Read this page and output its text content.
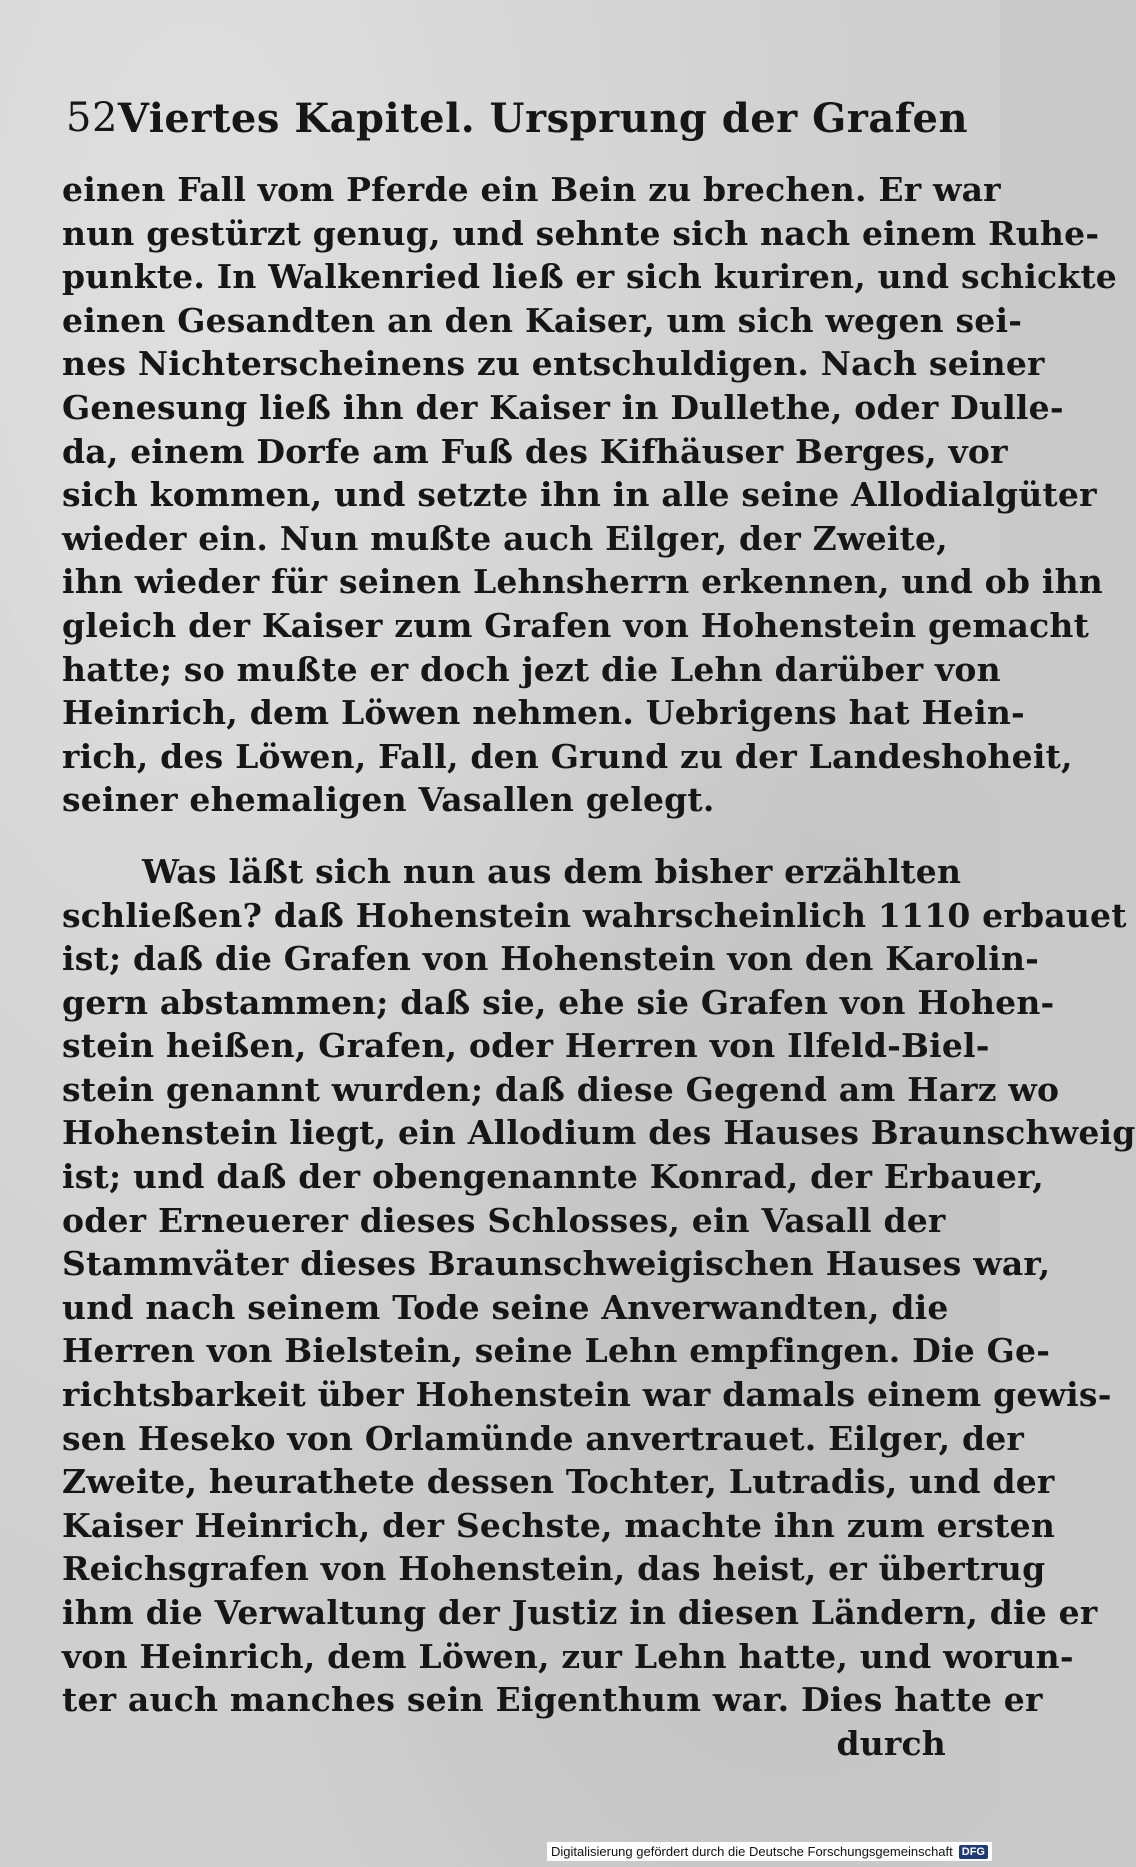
52 Viertes Kapitel. Ursprung der Grafen
einen Fall vom Pferde ein Bein zu brechen. Er war
nun gestürzt genug, und sehnte sich nach einem Ruhe-
punkte. In Walkenried ließ er sich kuriren, und schickte
einen Gesandten an den Kaiser, um sich wegen sei-
nes Nichterscheinens zu entschuldigen. Nach seiner
Genesung ließ ihn der Kaiser in Dullethe, oder Dulle-
da, einem Dorfe am Fuß des Kifhäuser Berges, vor
sich kommen, und setzte ihn in alle seine Allodialgüter
wieder ein. Nun mußte auch Eilger, der Zweite,
ihn wieder für seinen Lehnsherrn erkennen, und ob ihn
gleich der Kaiser zum Grafen von Hohenstein gemacht
hatte; so mußte er doch jezt die Lehn darüber von
Heinrich, dem Löwen nehmen. Uebrigens hat Hein-
rich, des Löwen, Fall, den Grund zu der Landeshoheit,
seiner ehemaligen Vasallen gelegt.
Was läßt sich nun aus dem bisher erzählten
schließen? daß Hohenstein wahrscheinlich 1110 erbauet
ist; daß die Grafen von Hohenstein von den Karolin-
gern abstammen; daß sie, ehe sie Grafen von Hohen-
stein heißen, Grafen, oder Herren von Ilfeld-Biel-
stein genannt wurden; daß diese Gegend am Harz wo
Hohenstein liegt, ein Allodium des Hauses Braunschweig
ist; und daß der obengenannte Konrad, der Erbauer,
oder Erneuerer dieses Schlosses, ein Vasall der
Stammväter dieses Braunschweigischen Hauses war,
und nach seinem Tode seine Anverwandten, die
Herren von Bielstein, seine Lehn empfingen. Die Ge-
richtsbarkeit über Hohenstein war damals einem gewis-
sen Heseko von Orlamünde anvertrauet. Eilger, der
Zweite, heurathete dessen Tochter, Lutradis, und der
Kaiser Heinrich, der Sechste, machte ihn zum ersten
Reichsgrafen von Hohenstein, das heist, er übertrug
ihm die Verwaltung der Justiz in diesen Ländern, die er
von Heinrich, dem Löwen, zur Lehn hatte, und worun-
ter auch manches sein Eigenthum war. Dies hatte er
durch
Digitalisierung gefördert durch die Deutsche Forschungsgemeinschaft DFG
